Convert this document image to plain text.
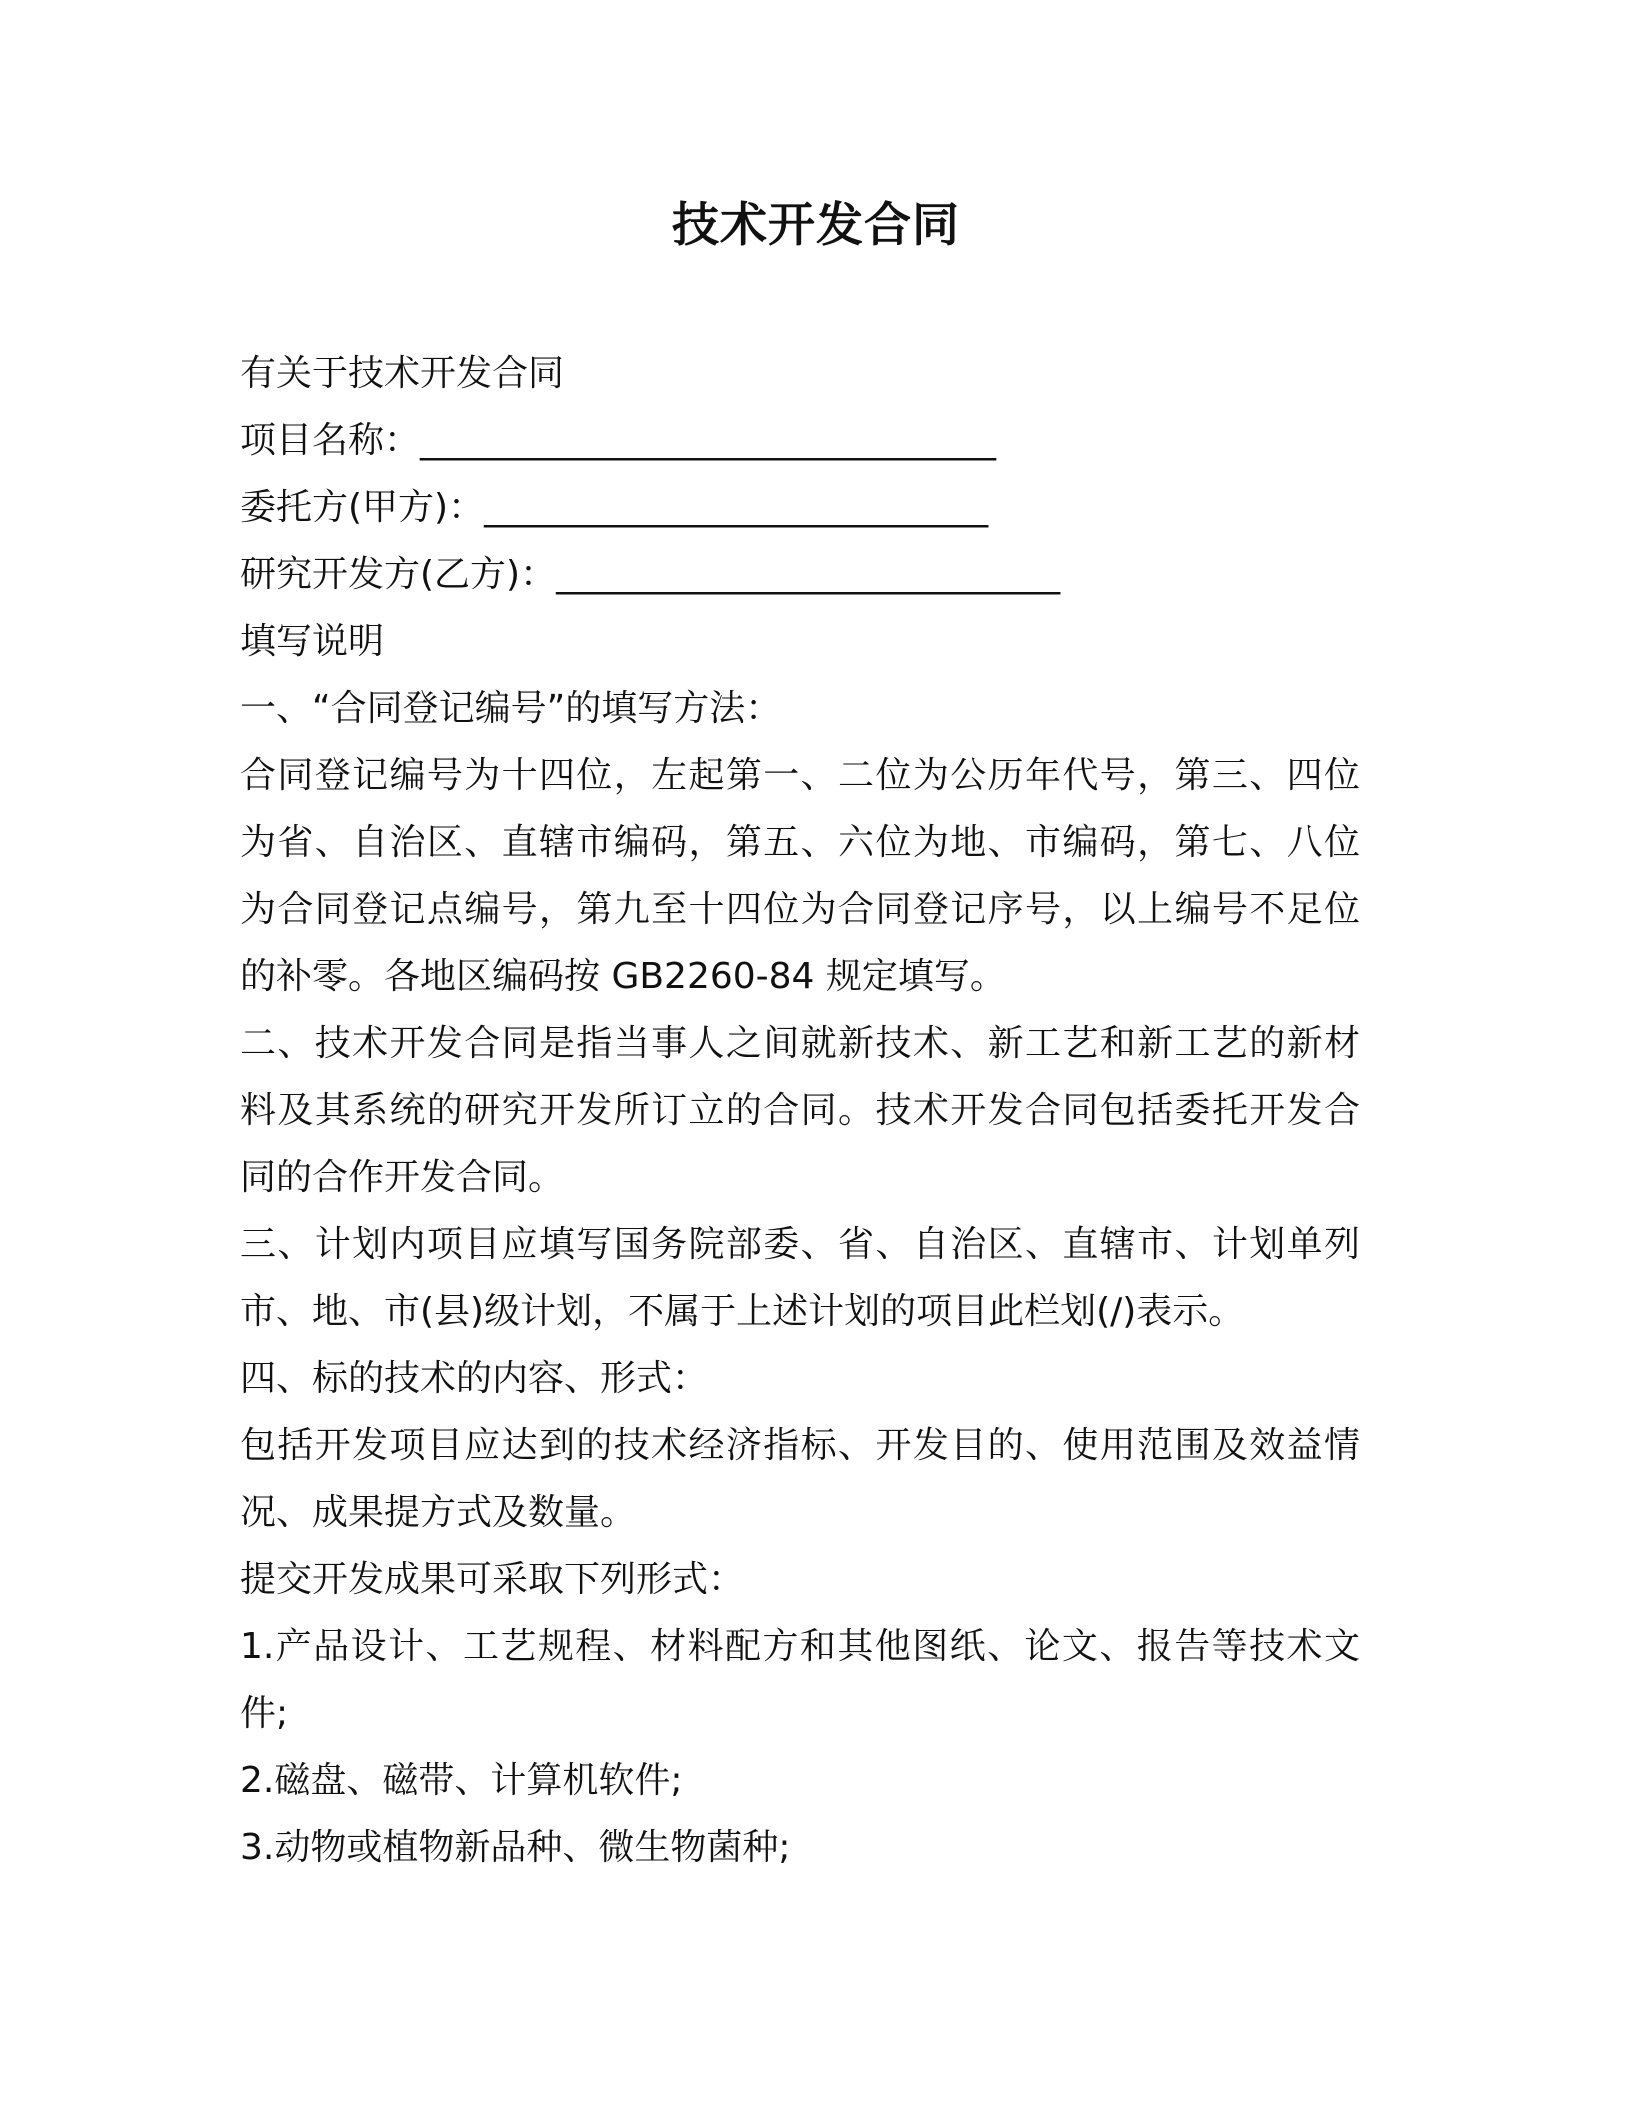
技术开发合同
有关于技术开发合同
项目名称：________________________________
委托方(甲方)：____________________________
研究开发方(乙方)：____________________________
填写说明
一、“合同登记编号”的填写方法：
合同登记编号为十四位，左起第一、二位为公历年代号，第三、四位
为省、自治区、直辖市编码，第五、六位为地、市编码，第七、八位
为合同登记点编号，第九至十四位为合同登记序号，以上编号不足位
的补零。各地区编码按 GB2260-84 规定填写。
二、技术开发合同是指当事人之间就新技术、新工艺和新工艺的新材
料及其系统的研究开发所订立的合同。技术开发合同包括委托开发合
同的合作开发合同。
三、计划内项目应填写国务院部委、省、自治区、直辖市、计划单列
市、地、市(县)级计划，不属于上述计划的项目此栏划(/)表示。
四、标的技术的内容、形式：
包括开发项目应达到的技术经济指标、开发目的、使用范围及效益情
况、成果提方式及数量。
提交开发成果可采取下列形式：
1.产品设计、工艺规程、材料配方和其他图纸、论文、报告等技术文
件;
2.磁盘、磁带、计算机软件;
3.动物或植物新品种、微生物菌种;
